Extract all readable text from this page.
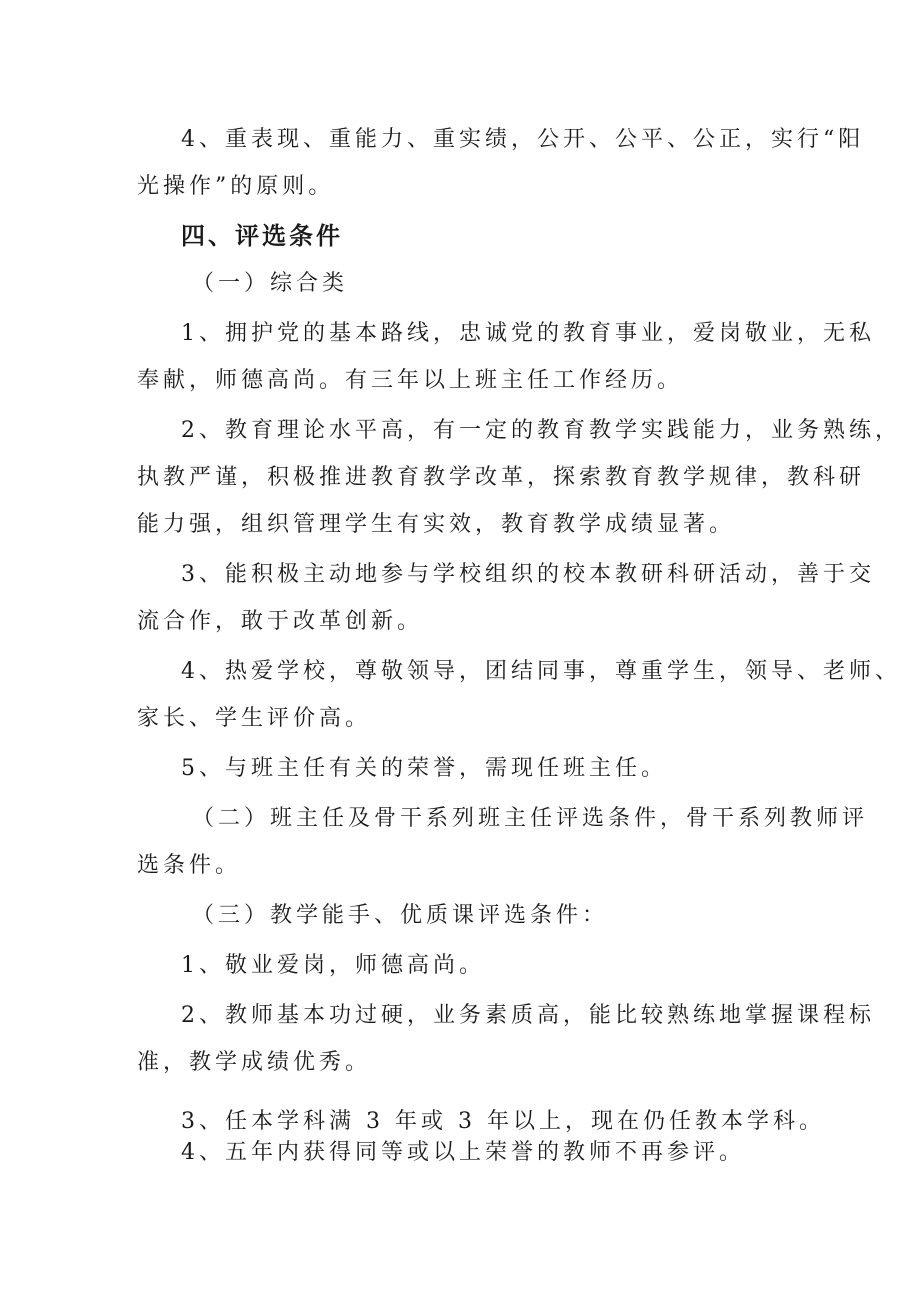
4、重表现、重能力、重实绩，公开、公平、公正，实行“阳

光操作”的原则。

四、评选条件

（一）综合类

1、拥护党的基本路线，忠诚党的教育事业，爱岗敬业，无私

奉献，师德高尚。有三年以上班主任工作经历。

2、教育理论水平高，有一定的教育教学实践能力，业务熟练，

执教严谨，积极推进教育教学改革，探索教育教学规律，教科研

能力强，组织管理学生有实效，教育教学成绩显著。

3、能积极主动地参与学校组织的校本教研科研活动，善于交

流合作，敢于改革创新。

4、热爱学校，尊敬领导，团结同事，尊重学生，领导、老师、

家长、学生评价高。

5、与班主任有关的荣誉，需现任班主任。

（二）班主任及骨干系列班主任评选条件，骨干系列教师评

选条件。

（三）教学能手、优质课评选条件：

1、敬业爱岗，师德高尚。

2、教师基本功过硬，业务素质高，能比较熟练地掌握课程标

准，教学成绩优秀。

3、任本学科满 3 年或 3 年以上，现在仍任教本学科。

4、五年内获得同等或以上荣誉的教师不再参评。
